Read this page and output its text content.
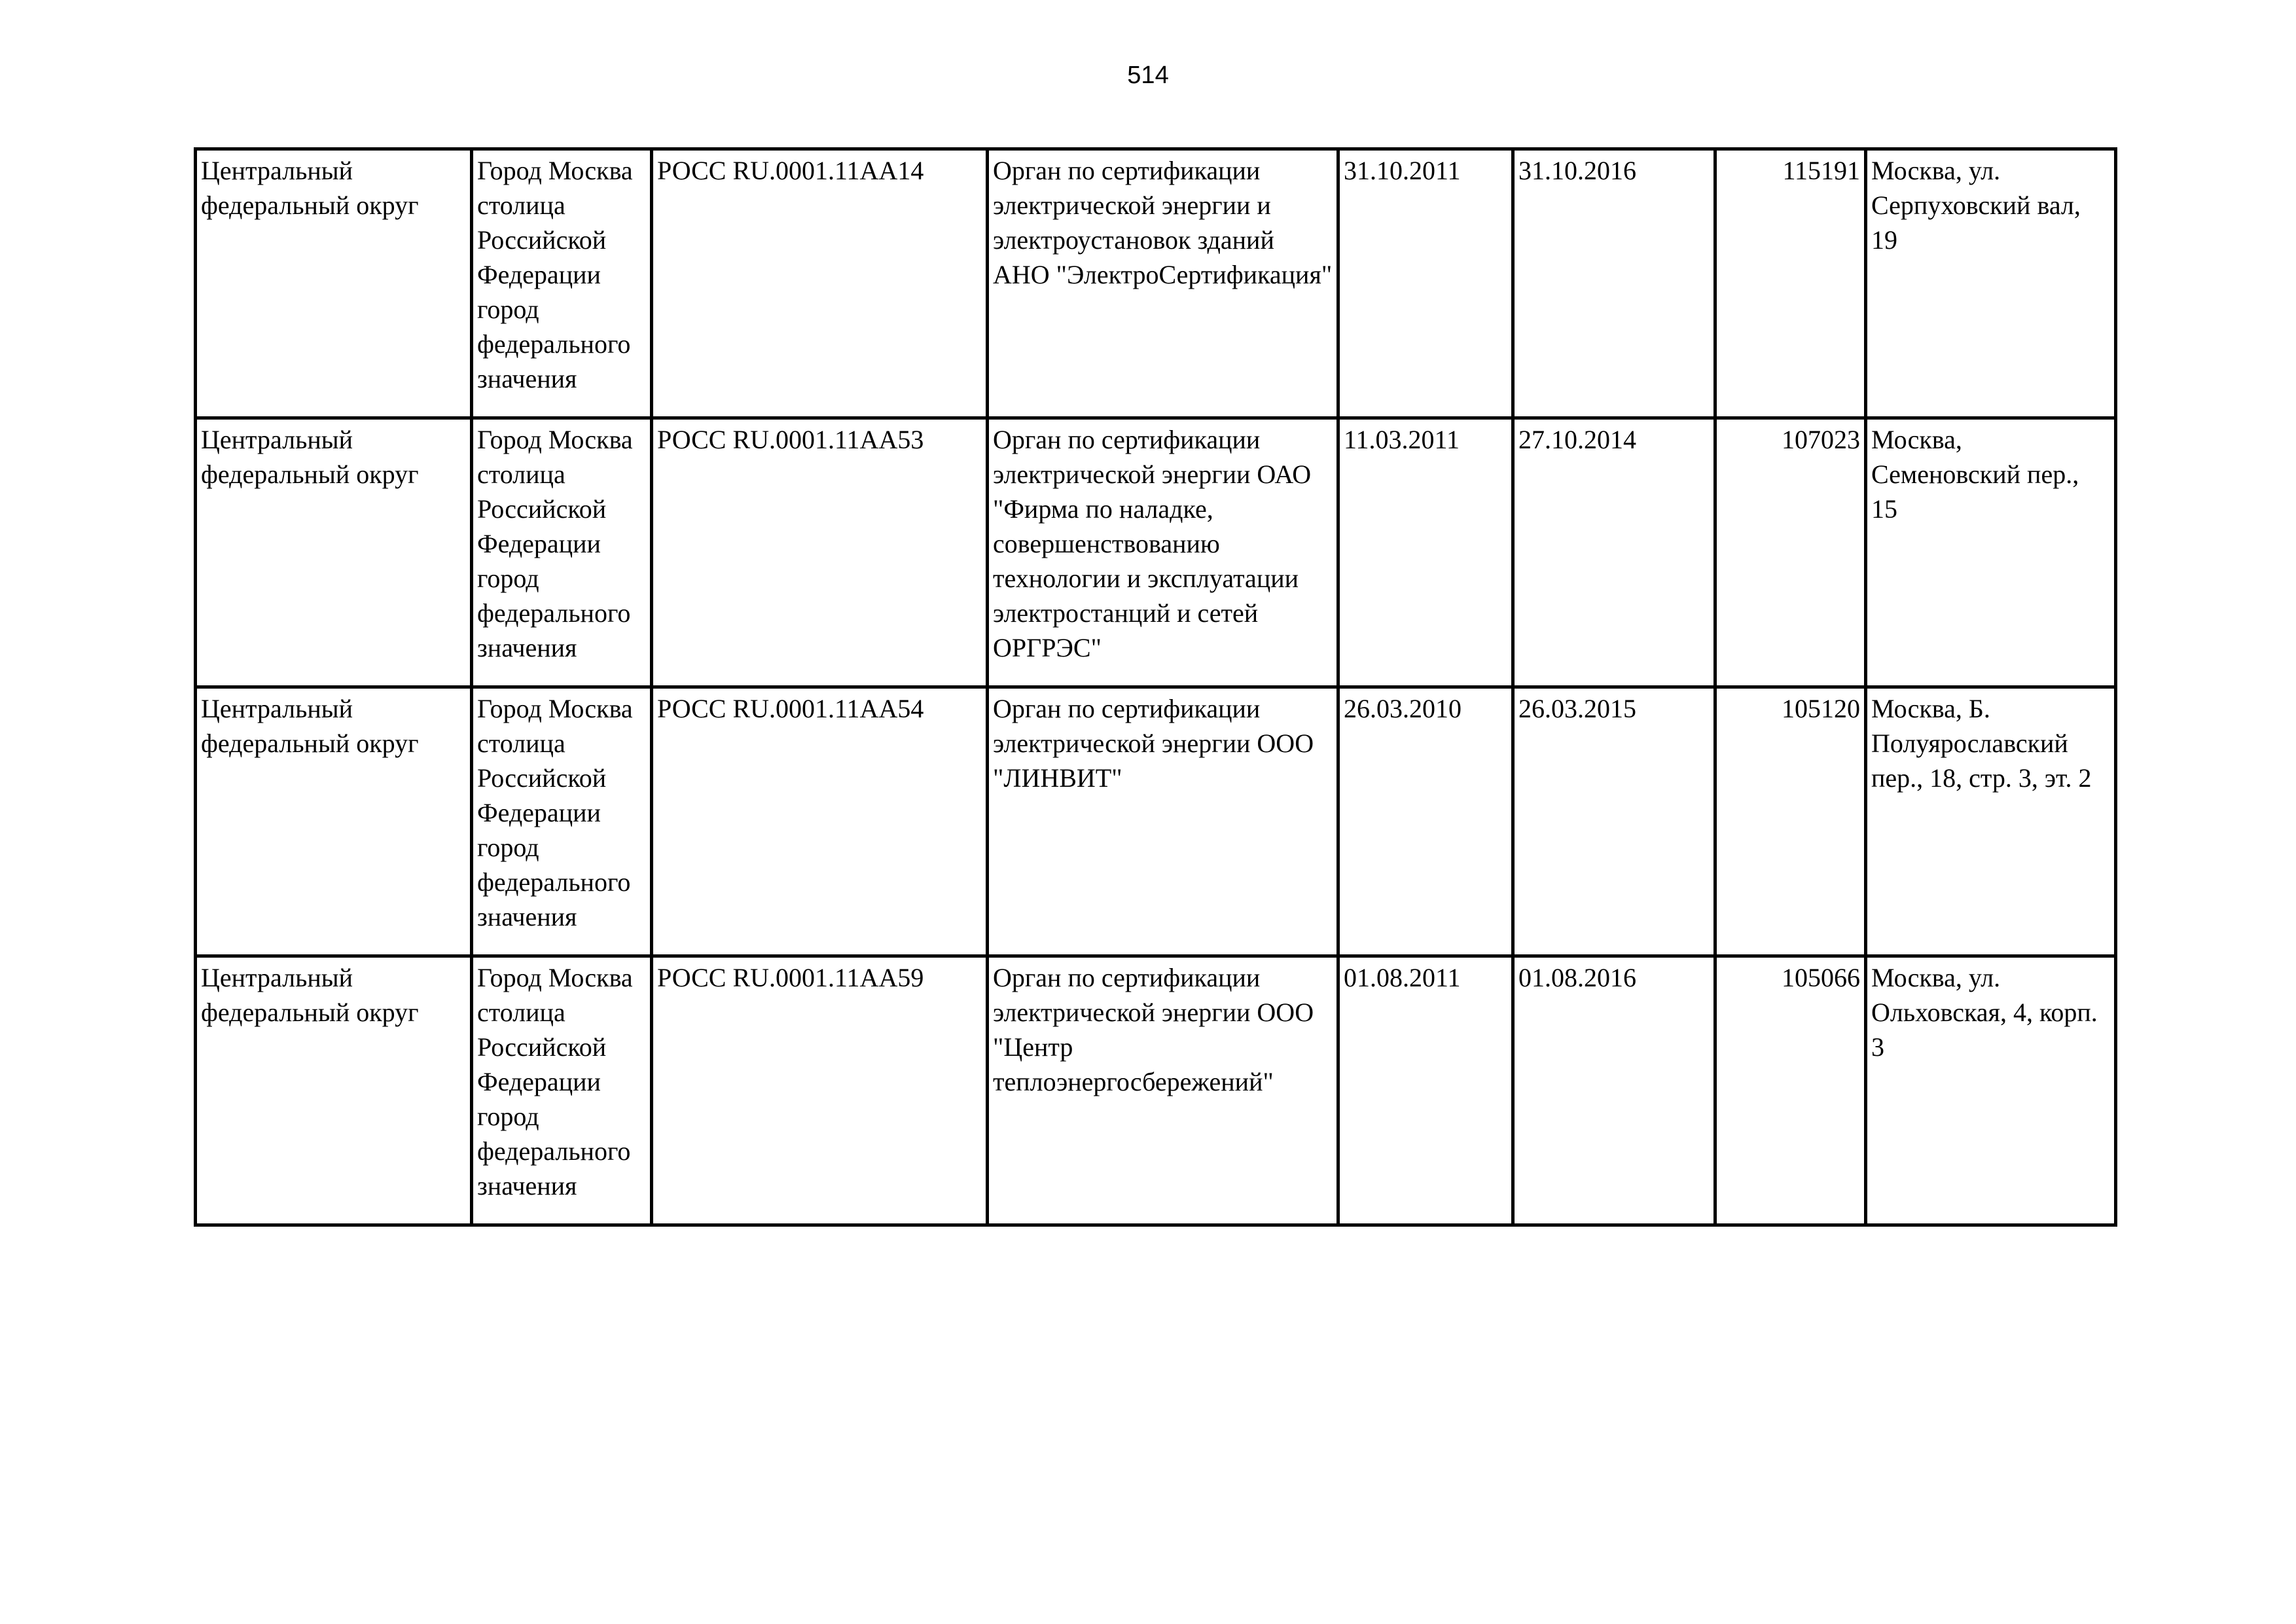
514
Центральный федеральный округ	Город Москва столица Российской Федерации город федерального значения	РОСС RU.0001.11АА14	Орган по сертификации электрической энергии и электроустановок зданий АНО "ЭлектроСертификация"	31.10.2011	31.10.2016	115191	Москва, ул. Серпуховский вал, 19

Центральный федеральный округ	Город Москва столица Российской Федерации город федерального значения	РОСС RU.0001.11АА53	Орган по сертификации электрической энергии ОАО "Фирма по наладке, совершенствованию технологии и эксплуатации электростанций и сетей ОРГРЭС"	11.03.2011	27.10.2014	107023	Москва, Семеновский пер., 15

Центральный федеральный округ	Город Москва столица Российской Федерации город федерального значения	РОСС RU.0001.11АА54	Орган по сертификации электрической энергии ООО "ЛИНВИТ"	26.03.2010	26.03.2015	105120	Москва, Б. Полуярославский пер., 18, стр. 3, эт. 2

Центральный федеральный округ	Город Москва столица Российской Федерации город федерального значения	РОСС RU.0001.11АА59	Орган по сертификации электрической энергии ООО "Центр теплоэнергосбережений"	01.08.2011	01.08.2016	105066	Москва, ул. Ольховская, 4, корп. 3
